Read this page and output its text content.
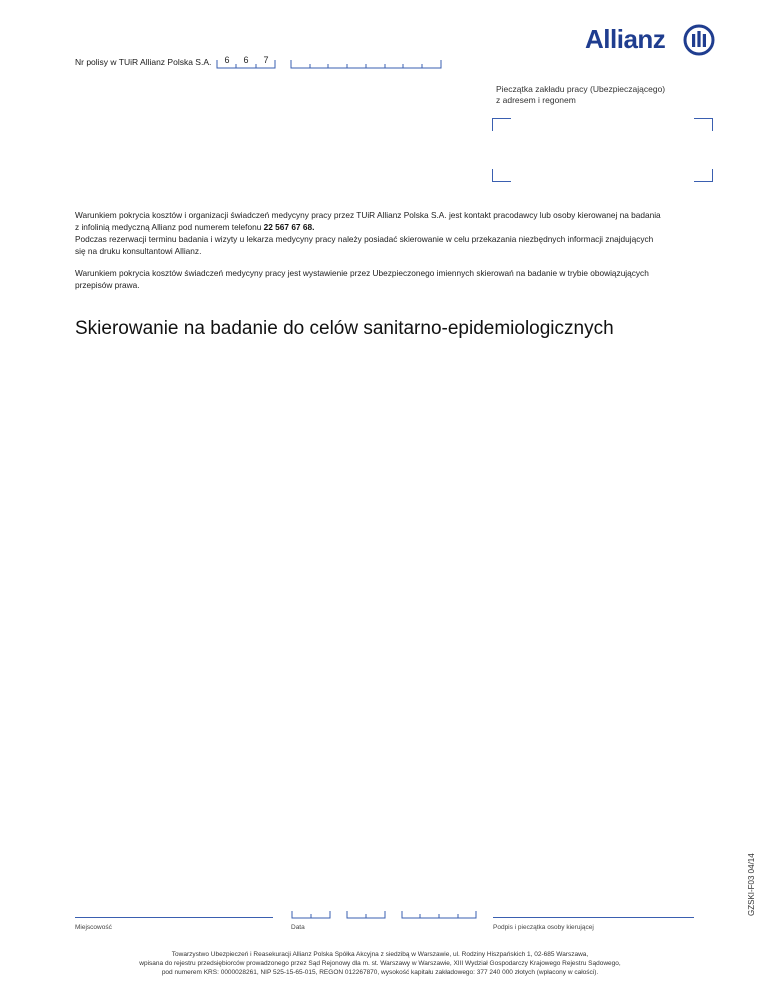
Allianz
Nr polisy w TUiR Allianz Polska S.A.	6	6	7
Pieczątka zakładu pracy (Ubezpieczającego)
z adresem i regonem

Warunkiem pokrycia kosztów i organizacji świadczeń medycyny pracy przez TUiR Allianz Polska S.A. jest kontakt pracodawcy lub osoby kierowanej na badania
z infolinią medyczną Allianz pod numerem telefonu 22 567 67 68.
Podczas rezerwacji terminu badania i wizyty u lekarza medycyny pracy należy posiadać skierowanie w celu przekazania niezbędnych informacji znajdujących
się na druku konsultantowi Allianz.

Warunkiem pokrycia kosztów świadczeń medycyny pracy jest wystawienie przez Ubezpieczonego imiennych skierowań na badanie w trybie obowiązujących
przepisów prawa.

Skierowanie na badanie do celów sanitarno-epidemiologicznych
GZSKI-F03 04/14
Miejscowość	Data	Podpis i pieczątka osoby kierującej
Towarzystwo Ubezpieczeń i Reasekuracji Allianz Polska Spółka Akcyjna z siedzibą w Warszawie, ul. Rodziny Hiszpańskich 1, 02-685 Warszawa,
wpisana do rejestru przedsiębiorców prowadzonego przez Sąd Rejonowy dla m. st. Warszawy w Warszawie, XIII Wydział Gospodarczy Krajowego Rejestru Sądowego,
pod numerem KRS: 0000028261, NIP 525-15-65-015, REGON 012267870, wysokość kapitału zakładowego: 377 240 000 złotych (wpłacony w całości).
